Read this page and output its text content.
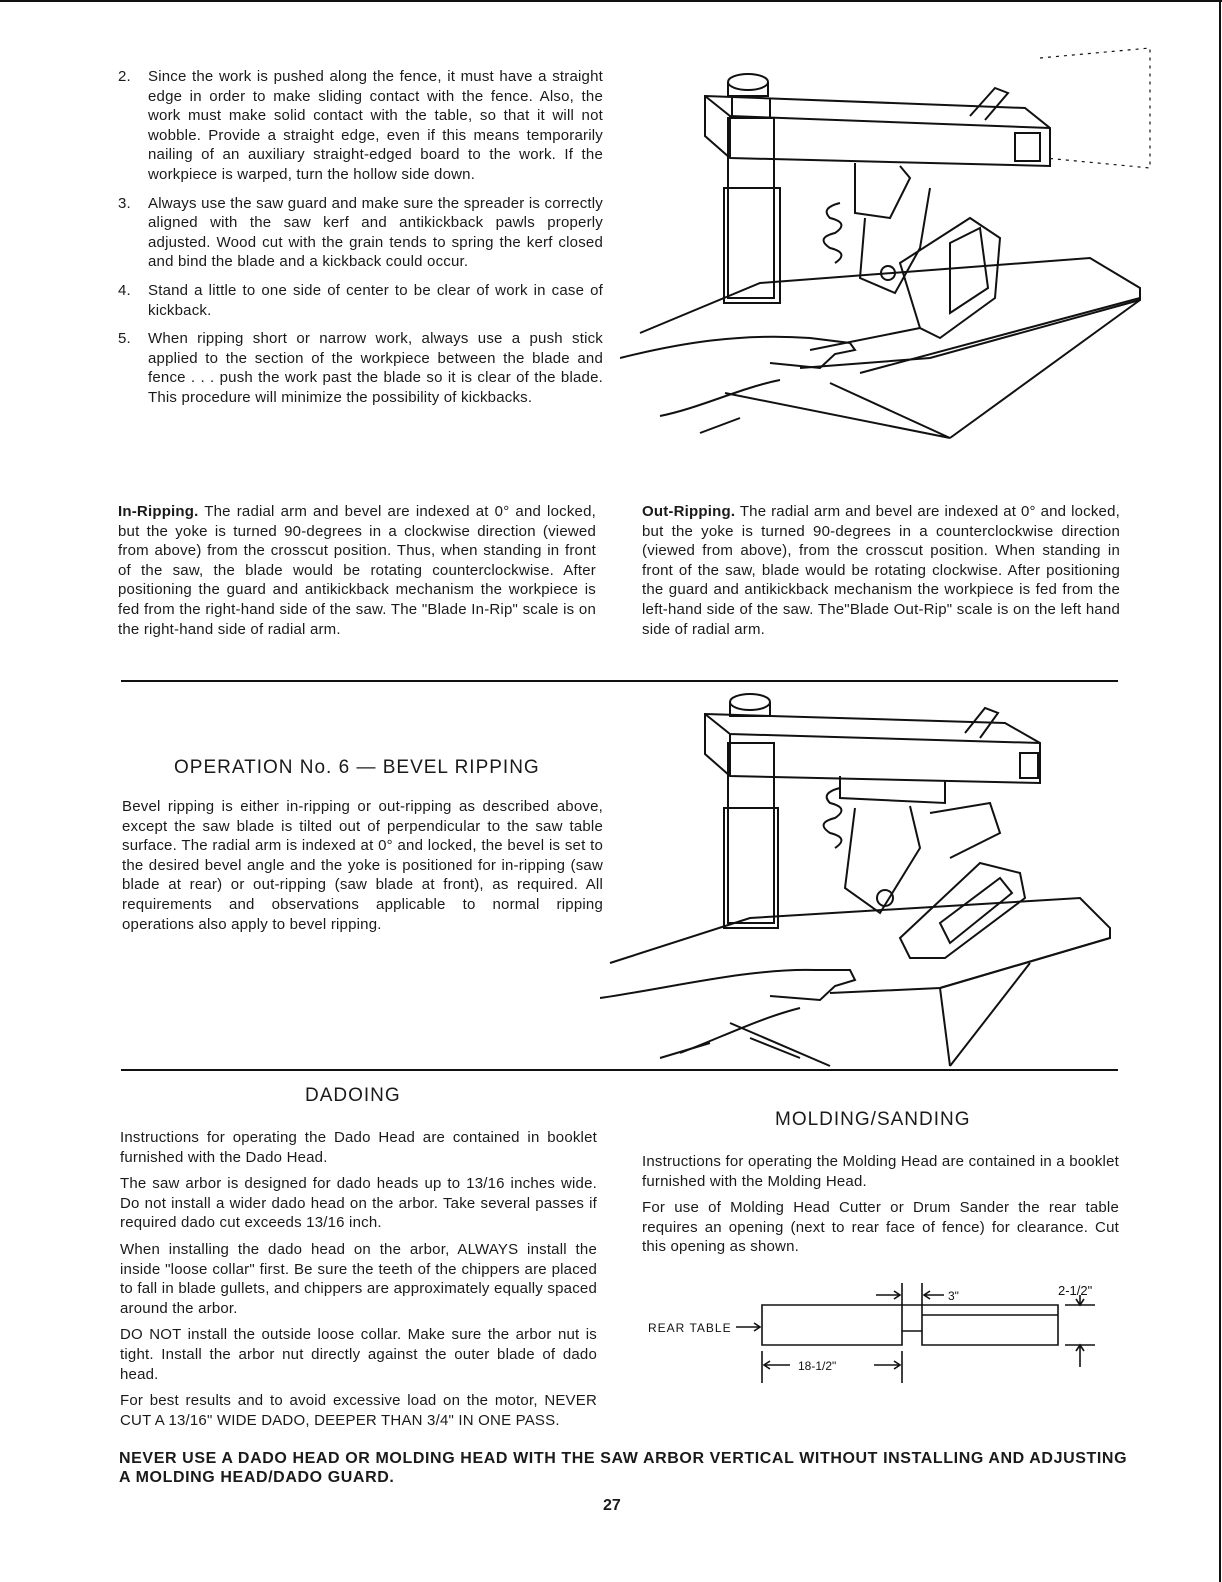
2. Since the work is pushed along the fence, it must have a straight edge in order to make sliding contact with the fence. Also, the work must make solid contact with the table, so that it will not wobble. Provide a straight edge, even if this means temporarily nailing of an auxiliary straight-edged board to the work. If the workpiece is warped, turn the hollow side down.
3. Always use the saw guard and make sure the spreader is correctly aligned with the saw kerf and antikickback pawls properly adjusted. Wood cut with the grain tends to spring the kerf closed and bind the blade and a kickback could occur.
4. Stand a little to one side of center to be clear of work in case of kickback.
5. When ripping short or narrow work, always use a push stick applied to the section of the workpiece between the blade and fence . . . push the work past the blade so it is clear of the blade. This procedure will minimize the possibility of kickbacks.
In-Ripping. The radial arm and bevel are indexed at 0° and locked, but the yoke is turned 90-degrees in a clockwise direction (viewed from above) from the crosscut position. Thus, when standing in front of the saw, the blade would be rotating counterclockwise. After positioning the guard and antikickback mechanism the workpiece is fed from the right-hand side of the saw. The "Blade In-Rip" scale is on the right-hand side of radial arm.
Out-Ripping. The radial arm and bevel are indexed at 0° and locked, but the yoke is turned 90-degrees in a counterclockwise direction (viewed from above), from the crosscut position. When standing in front of the saw, blade would be rotating clockwise. After positioning the guard and antikickback mechanism the workpiece is fed from the left-hand side of the saw. The"Blade Out-Rip" scale is on the left hand side of radial arm.
OPERATION No. 6 — BEVEL RIPPING
Bevel ripping is either in-ripping or out-ripping as described above, except the saw blade is tilted out of perpendicular to the saw table surface. The radial arm is indexed at 0° and locked, the bevel is set to the desired bevel angle and the yoke is positioned for in-ripping (saw blade at rear) or out-ripping (saw blade at front), as required. All requirements and observations applicable to normal ripping operations also apply to bevel ripping.
DADOING

Instructions for operating the Dado Head are contained in booklet furnished with the Dado Head.

The saw arbor is designed for dado heads up to 13/16 inches wide. Do not install a wider dado head on the arbor. Take several passes if required dado cut exceeds 13/16 inch.

When installing the dado head on the arbor, ALWAYS install the inside "loose collar" first. Be sure the teeth of the chippers are placed to fall in blade gullets, and chippers are approximately equally spaced around the arbor.

DO NOT install the outside loose collar. Make sure the arbor nut is tight. Install the arbor nut directly against the outer blade of dado head.

For best results and to avoid excessive load on the motor, NEVER CUT A 13/16" WIDE DADO, DEEPER THAN 3/4" IN ONE PASS.

MOLDING/SANDING

Instructions for operating the Molding Head are contained in a booklet furnished with the Molding Head.

For use of Molding Head Cutter or Drum Sander the rear table requires an opening (next to rear face of fence) for clearance. Cut this opening as shown.

REAR TABLE
3"	2-1/2"
18-1/2"

NEVER USE A DADO HEAD OR MOLDING HEAD WITH THE SAW ARBOR VERTICAL WITHOUT INSTALLING AND ADJUSTING A MOLDING HEAD/DADO GUARD.

27
